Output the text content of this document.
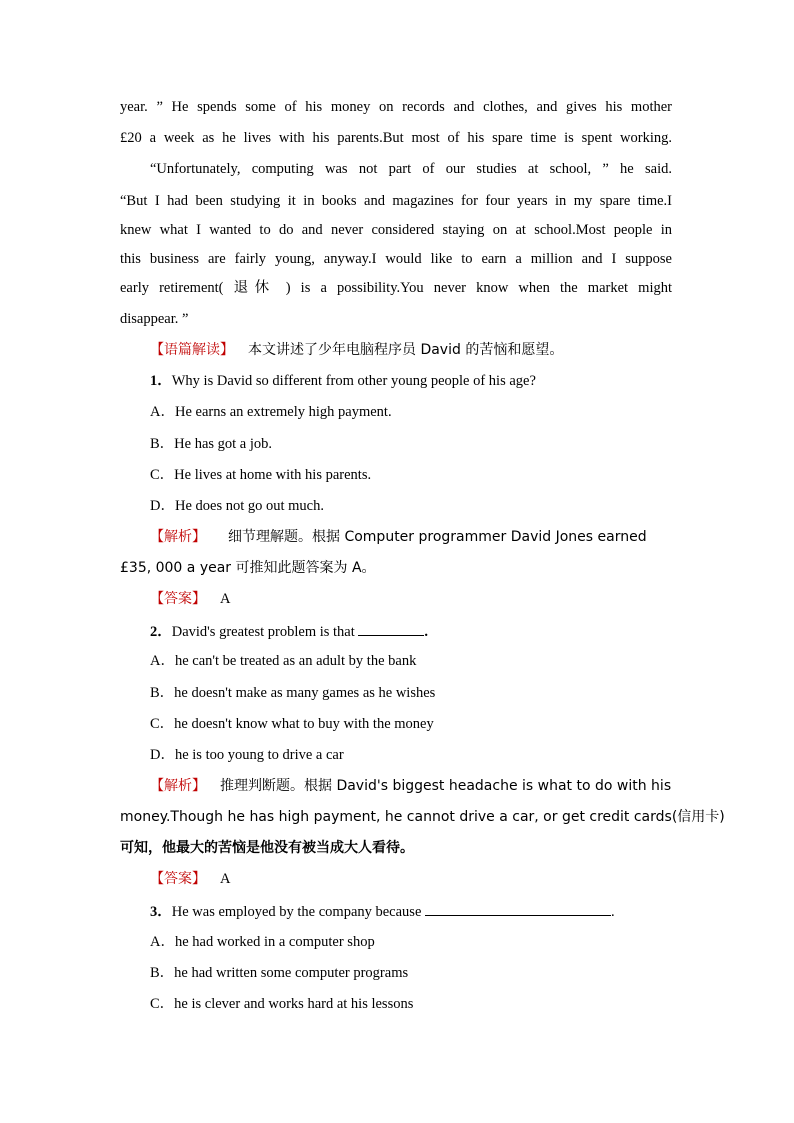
year. ” He spends some of his money on records and clothes, and gives his mother
£20 a week as he lives with his parents.But most of his spare time is spent working.
“Unfortunately, computing was not part of our studies at school, ” he said.
“But I had been studying it in books and magazines for four years in my spare time.I
knew what I wanted to do and never considered staying on at school.Most people in
this business are fairly young, anyway.I would like to earn a million and I suppose
early retirement( 退休 ) is a possibility.You never know when the market might
disappear. ”
【语篇解读】 本文讲述了少年电脑程序员 David 的苦恼和愿望。
1．Why is David so different from other young people of his age?
A．He earns an extremely high payment.
B．He has got a job.
C．He lives at home with his parents.
D．He does not go out much.
【解析】 细节理解题。根据 Computer programmer David Jones earned
£35, 000 a year 可推知此题答案为 A。
【答案】 A
2．David's greatest problem is that	.
A．he can't be treated as an adult by the bank
B．he doesn't make as many games as he wishes
C．he doesn't know what to buy with the money
D．he is too young to drive a car
【解析】 推理判断题。根据 David's biggest headache is what to do with his
money.Though he has high payment, he cannot drive a car, or get credit cards(信用卡)
可知，他最大的苦恼是他没有被当成大人看待。
【答案】 A
3．He was employed by the company because	.
A．he had worked in a computer shop
B．he had written some computer programs
C．he is clever and works hard at his lessons
